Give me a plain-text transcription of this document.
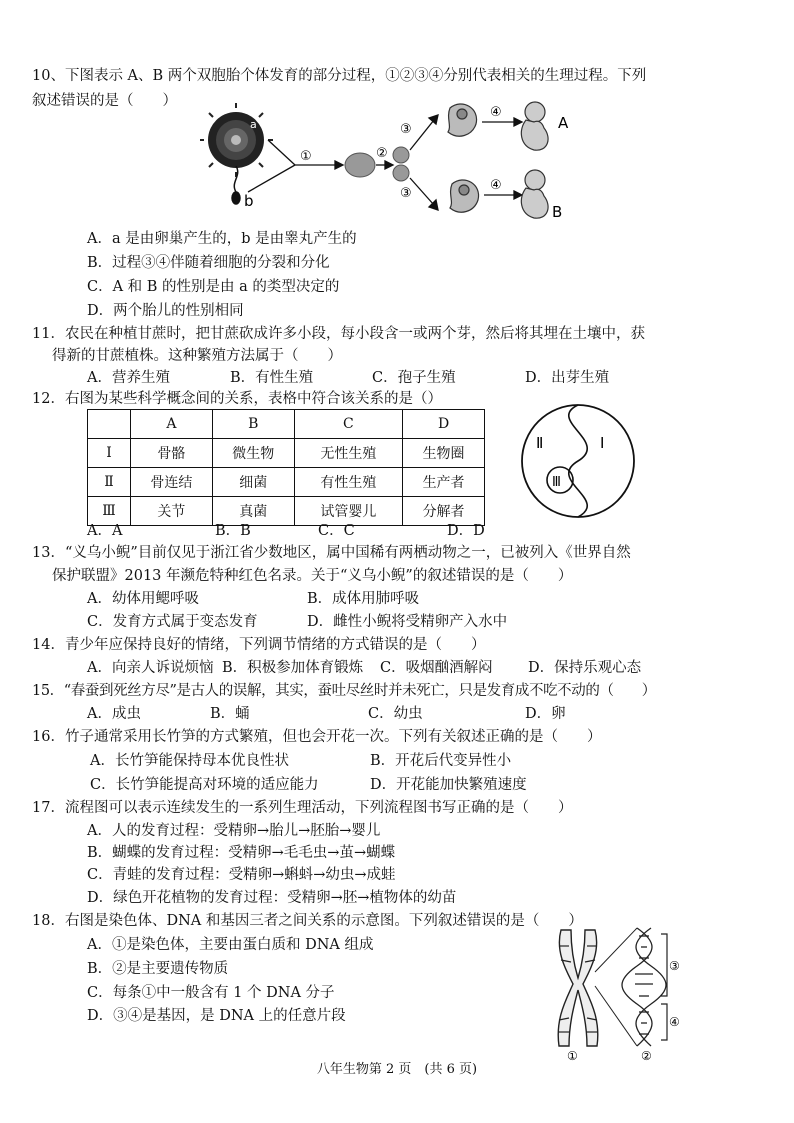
10、下图表示 A、B 两个双胞胎个体发育的部分过程，①②③④分别代表相关的生理过程。下列
叙述错误的是（　　）
a
b
①	②
③
③
④
④
A
B
A．a 是由卵巢产生的，b 是由睾丸产生的
B．过程③④伴随着细胞的分裂和分化
C．A 和 B 的性别是由 a 的类型决定的
D．两个胎儿的性别相同
11．农民在种植甘蔗时，把甘蔗砍成许多小段，每小段含一或两个芽，然后将其埋在土壤中，获
得新的甘蔗植株。这种繁殖方法属于（　　）
A．营养生殖	B．有性生殖	C．孢子生殖	D．出芽生殖
12．右图为某些科学概念间的关系，表格中符合该关系的是（）
	A	B	C	D
Ⅰ	骨骼	微生物	无性生殖	生物圈
Ⅱ	骨连结	细菌	有性生殖	生产者
Ⅲ	关节	真菌	试管婴儿	分解者
Ⅱ	Ⅰ
Ⅲ
A．A	B．B	C．C	D．D
13．“义乌小鲵”目前仅见于浙江省少数地区，属中国稀有两栖动物之一，已被列入《世界自然
保护联盟》2013 年濒危特种红色名录。关于“义乌小鲵”的叙述错误的是（　　）
A．幼体用鳃呼吸	B．成体用肺呼吸
C．发育方式属于变态发育	D．雌性小鲵将受精卵产入水中
14．青少年应保持良好的情绪，下列调节情绪的方式错误的是（　　）
A．向亲人诉说烦恼 B．积极参加体育锻炼 C．吸烟酗酒解闷 D．保持乐观心态
15．“春蚕到死丝方尽”是古人的误解，其实，蚕吐尽丝时并未死亡，只是发育成不吃不动的（　　）
A．成虫	B．蛹	C．幼虫	D．卵
16．竹子通常采用长竹笋的方式繁殖，但也会开花一次。下列有关叙述正确的是（　　）
A．长竹笋能保持母本优良性状	B．开花后代变异性小
C．长竹笋能提高对环境的适应能力	D．开花能加快繁殖速度
17．流程图可以表示连续发生的一系列生理活动，下列流程图书写正确的是（　　）
A．人的发育过程：受精卵→胎儿→胚胎→婴儿
B．蝴蝶的发育过程：受精卵→毛毛虫→茧→蝴蝶
C．青蛙的发育过程：受精卵→蝌蚪→幼虫→成蛙
D．绿色开花植物的发育过程：受精卵→胚→植物体的幼苗
18．右图是染色体、DNA 和基因三者之间关系的示意图。下列叙述错误的是（　　）
A．①是染色体，主要由蛋白质和 DNA 组成
B．②是主要遗传物质
C．每条①中一般含有 1 个 DNA 分子
D．③④是基因，是 DNA 上的任意片段
③
④
①	②
八年生物第 2 页　(共 6 页)
